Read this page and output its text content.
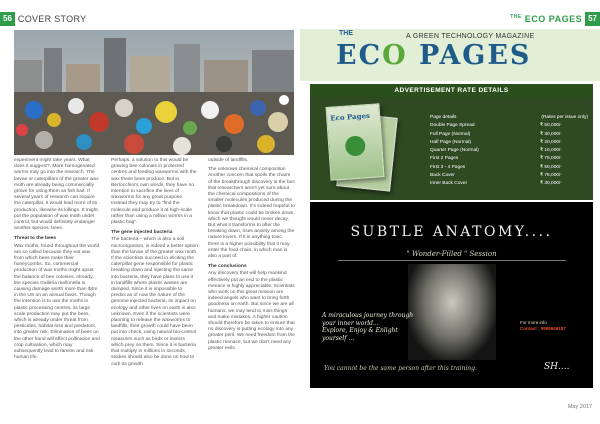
56 COVER STORY

experiment might take years. What does it suggest?, More homogenated worms may go into the research. The larvae or caterpillars of the greater wax moth are already being commercially grown for using them as fish bait. If several years of research can require the caterpillar, it would lead more of its production, likewise its killings. It might put the population of wax moth under control, but would definitely endanger another species: bees.

Threat to the bees

Wax moths, found throughout the world are so called because they eat wax from which bees make their honeycombs. So, commercial production of wax moths might upset the balance of bee colonies. Already, the species Galleria mellonella is causing damage worth more than $4m in the US on an annual basis. Though the intention is to use the moths in plastic processing centres, its large scale production may put the bees, which is already under threat from pesticides, habitat loss and predators, into greater risk. Elimination of bees on the other hand will affect pollination and crop cultivation, which may subsequently lead to famine and risk human life.

Perhaps, a solution to this would be growing bee colonies in protected centres and feeding waxworms with the wax these bees produce. But in Bertocchini's own words, they have no intention to sacrifice the lives of waxworms for any great purpose. Instead they may try to "find the molecule and produce it at high-scale rather than using a million worms in a plastic bag".

The gene injected bacteria

The bacteria – which is also a soil microorganism, is indeed a better option than the larvae of the greater wax moth. If the scientists succeed in eliciting the caterpillar gene responsible for plastic breaking down and injecting the same into bacteria, they have plans to use it in landfills where plastic wastes are dumped. Since it is impossible to predict as of now the nature of the genome injected bacteria, its impact on ecology and other lives on earth is also unknown. Even if the scientists were planning to release the waxworms to landfills, their growth could have been put into check, using natural bio-control measures such as birds or insects which prey on them. Since it is bacteria that multiply in millions in seconds, studies should also be done on how to curb its growth

outside of landfills.

The unknown chemical composition Another concern that spoils the charm of the breakthrough discovery is the fact that researchers aren't yet sure about the chemical compositions of the smaller molecules produced during the plastic breakdown. It's indeed hopeful to know that plastic could be broken down, which we thought would never decay. But what it transforms to after the breaking down, rises anxiety among the nature lovers. If it is anything toxic, there is a higher possibility that it may enter the food chain, in which man is also a part of.

The conclusions

Any discovery that will help mankind effectively put an end to the plastic menace is highly appreciable. Scientists who work on this great mission are indeed angels who want to bring forth goodness on earth. But since we are all humans, we may tend to miss things and make mistakes. A higher caution should therefore be taken to ensure that no discovery is putting ecology into any greater peril. We need freedom from the plastic menace, but we don't need any greater evils.

$^{THE}$ ECO PAGES 57
THE	A GREEN TECHNOLOGY MAGAZINE
ECO PAGES
ADVERTISEMENT RATE DETAILS
Eco Pages	Page details	(Rates per issue only)
Double Page Spread	₹ 50,000/-
Full Page (Normal)	₹ 30,000/-
Half Page (Normal)	₹ 20,000/-
Quarter Page (Normal)	₹ 10,000/-
First 2 Pages	₹ 75,000/-
First 3 - 4 Pages	₹ 50,000/-
Back Cover	₹ 75,000/-
Inner Back Cover	₹ 30,000/-
SUBTLE ANATOMY....
" Wonder-Filled " Session
A miraculous journey through
your inner world...
Explore, Enjoy & Enlight yourself ...
For more info
Contact : 9895946187
You cannot be the same person after this training.	SH....
May 2017
